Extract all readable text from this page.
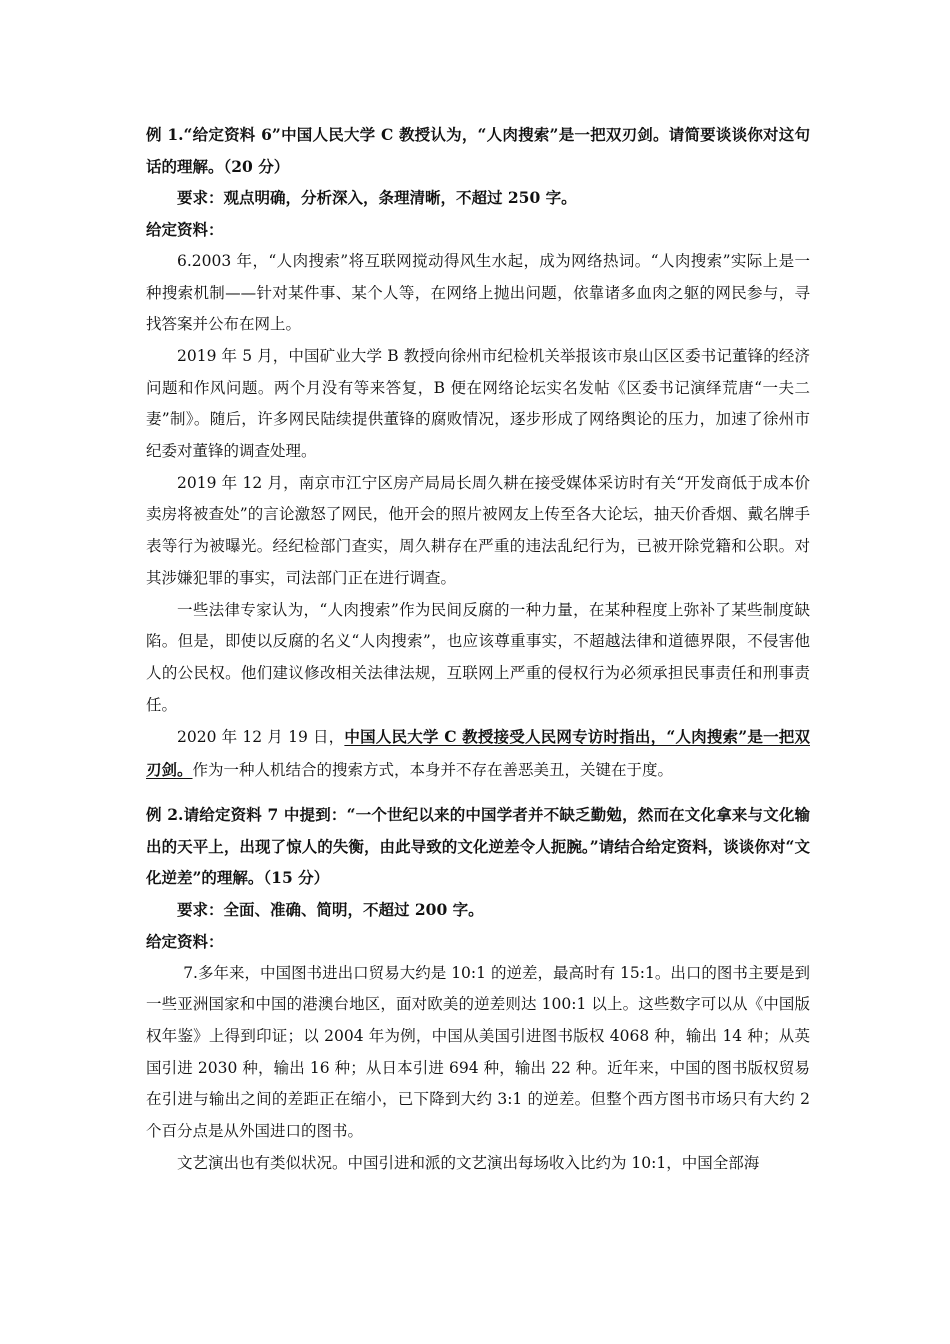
例 1.“给定资料 6”中国人民大学 C 教授认为，“人肉搜索”是一把双刃剑。请简要谈谈你对这句话的理解。（20 分）

要求：观点明确，分析深入，条理清晰，不超过 250 字。

给定资料：

6.2003 年，“人肉搜索”将互联网搅动得风生水起，成为网络热词。“人肉搜索”实际上是一种搜索机制——针对某件事、某个人等，在网络上抛出问题，依靠诸多血肉之躯的网民参与，寻找答案并公布在网上。

2019 年 5 月，中国矿业大学 B 教授向徐州市纪检机关举报该市泉山区区委书记董锋的经济问题和作风问题。两个月没有等来答复，B 便在网络论坛实名发帖《区委书记演绎荒唐“一夫二妻”制》。随后，许多网民陆续提供董锋的腐败情况，逐步形成了网络舆论的压力，加速了徐州市纪委对董锋的调查处理。

2019 年 12 月，南京市江宁区房产局局长周久耕在接受媒体采访时有关“开发商低于成本价卖房将被查处”的言论激怒了网民，他开会的照片被网友上传至各大论坛，抽天价香烟、戴名牌手表等行为被曝光。经纪检部门查实，周久耕存在严重的违法乱纪行为，已被开除党籍和公职。对其涉嫌犯罪的事实，司法部门正在进行调查。

一些法律专家认为，“人肉搜索”作为民间反腐的一种力量，在某种程度上弥补了某些制度缺陷。但是，即使以反腐的名义“人肉搜索”，也应该尊重事实，不超越法律和道德界限，不侵害他人的公民权。他们建议修改相关法律法规，互联网上严重的侵权行为必须承担民事责任和刑事责任。

2020 年 12 月 19 日，中国人民大学 C 教授接受人民网专访时指出，“人肉搜索”是一把双刃剑。作为一种人机结合的搜索方式，本身并不存在善恶美丑，关键在于度。

例 2.请给定资料 7 中提到：“一个世纪以来的中国学者并不缺乏勤勉，然而在文化拿来与文化输出的天平上，出现了惊人的失衡，由此导致的文化逆差令人扼腕。”请结合给定资料，谈谈你对“文化逆差”的理解。（15 分）

要求：全面、准确、简明，不超过 200 字。

给定资料：

7.多年来，中国图书进出口贸易大约是 10:1 的逆差，最高时有 15:1。出口的图书主要是到一些亚洲国家和中国的港澳台地区，面对欧美的逆差则达 100:1 以上。这些数字可以从《中国版权年鉴》上得到印证；以 2004 年为例，中国从美国引进图书版权 4068 种，输出 14 种；从英国引进 2030 种，输出 16 种；从日本引进 694 种，输出 22 种。近年来，中国的图书版权贸易在引进与输出之间的差距正在缩小，已下降到大约 3:1 的逆差。但整个西方图书市场只有大约 2 个百分点是从外国进口的图书。

文艺演出也有类似状况。中国引进和派的文艺演出每场收入比约为 10:1，中国全部海
